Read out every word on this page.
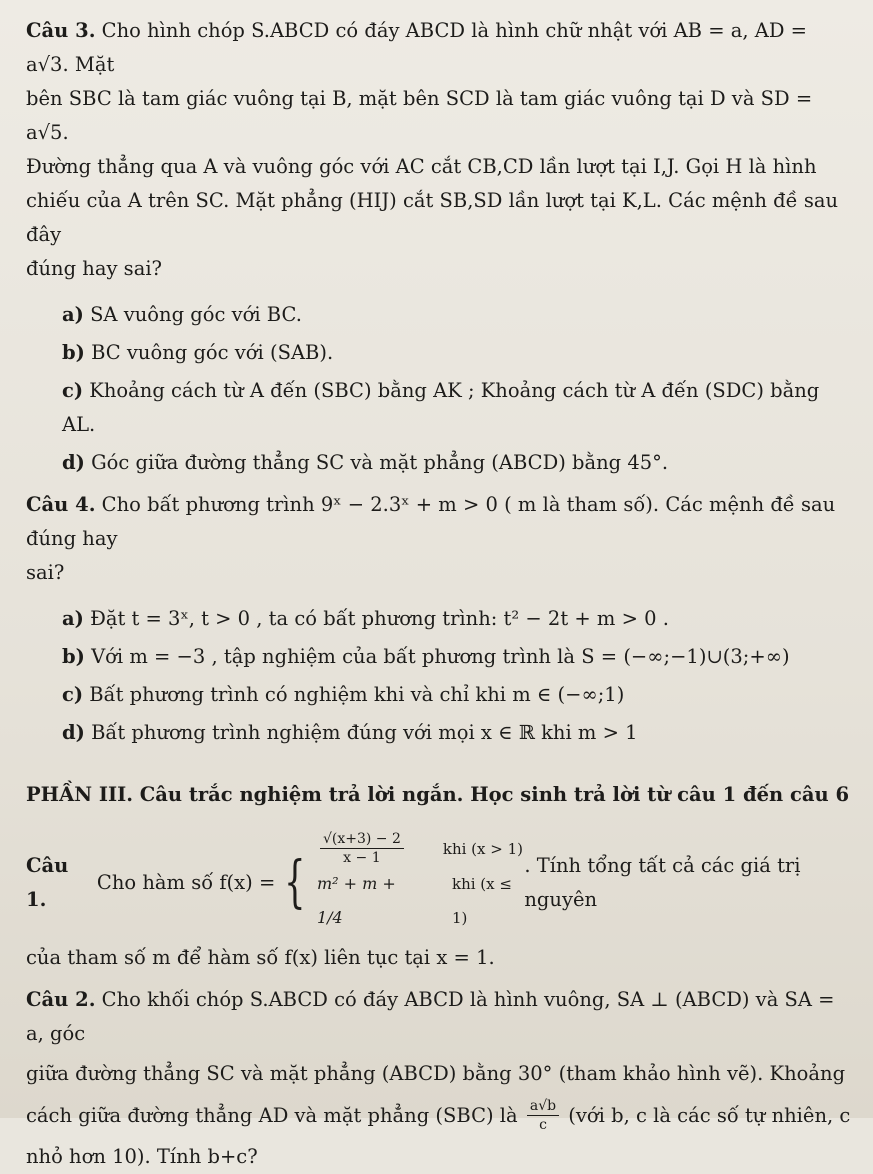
Câu 3. Cho hình chóp S.ABCD có đáy ABCD là hình chữ nhật với AB = a, AD = a√3. Mặt

bên SBC là tam giác vuông tại B, mặt bên SCD là tam giác vuông tại D và SD = a√5.

Đường thẳng qua A và vuông góc với AC cắt CB,CD lần lượt tại I,J. Gọi H là hình

chiếu của A trên SC. Mặt phẳng (HIJ) cắt SB,SD lần lượt tại K,L. Các mệnh đề sau đây

đúng hay sai?

a) SA vuông góc với BC.

b) BC vuông góc với (SAB).

c) Khoảng cách từ A đến (SBC) bằng AK ; Khoảng cách từ A đến (SDC) bằng AL.

d) Góc giữa đường thẳng SC và mặt phẳng (ABCD) bằng 45°.

Câu 4. Cho bất phương trình 9ˣ − 2.3ˣ + m > 0 ( m là tham số). Các mệnh đề sau đúng hay

sai?

a) Đặt t = 3ˣ, t > 0 , ta có bất phương trình: t² − 2t + m > 0 .

b) Với m = −3 , tập nghiệm của bất phương trình là S = (−∞;−1)∪(3;+∞)

c) Bất phương trình có nghiệm khi và chỉ khi m ∈ (−∞;1)

d) Bất phương trình nghiệm đúng với mọi x ∈ ℝ khi m > 1

PHẦN III. Câu trắc nghiệm trả lời ngắn. Học sinh trả lời từ câu 1 đến câu 6

Câu 1.
Cho hàm số f(x) = {
$\frac{√(x+3) - 2}{x - 1}$	khi (x > 1)
m² + m + 1/4
khi (x ≤ 1)
. Tính tổng tất cả các giá trị nguyên

của tham số m để hàm số f(x) liên tục tại x = 1.

Câu 2. Cho khối chóp S.ABCD có đáy ABCD là hình vuông, SA ⊥ (ABCD) và SA = a, góc

giữa đường thẳng SC và mặt phẳng (ABCD) bằng 30° (tham khảo hình vẽ). Khoảng

cách giữa đường thẳng AD và mặt phẳng (SBC) là $\frac{a√b}{c}$ (với b, c là các số tự nhiên, c

nhỏ hơn 10). Tính b+c?
